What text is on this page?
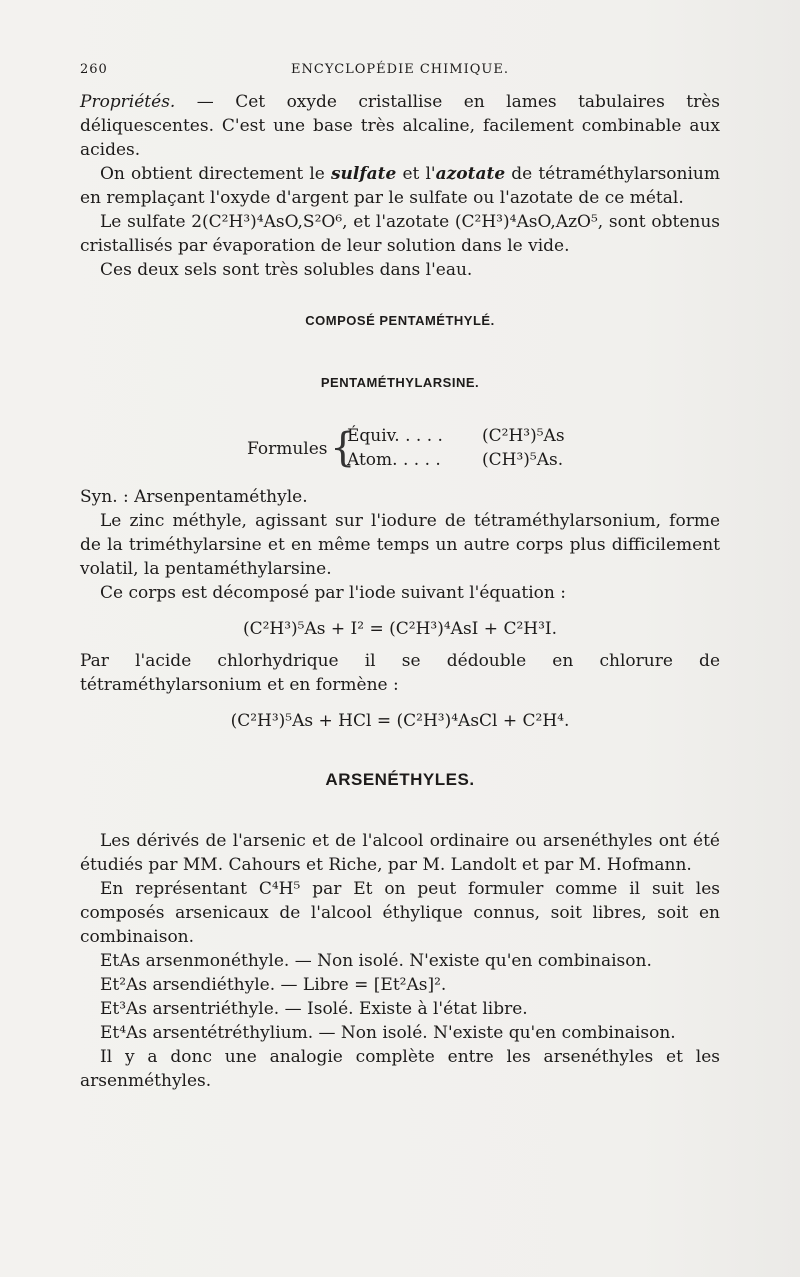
260	ENCYCLOPÉDIE CHIMIQUE.

Propriétés. — Cet oxyde cristallise en lames tabulaires très déliquescentes. C'est une base très alcaline, facilement combinable aux acides.

On obtient directement le sulfate et l'azotate de tétraméthylarsonium en remplaçant l'oxyde d'argent par le sulfate ou l'azotate de ce métal.

Le sulfate 2(C²H³)⁴AsO,S²O⁶, et l'azotate (C²H³)⁴AsO,AzO⁵, sont obtenus cristallisés par évaporation de leur solution dans le vide.

Ces deux sels sont très solubles dans l'eau.

COMPOSÉ PENTAMÉTHYLÉ.

PENTAMÉTHYLARSINE.

Formules {
Équiv. . . . . (C²H³)⁵As
Atom. . . . . (CH³)⁵As.

Syn. : Arsenpentaméthyle.

Le zinc méthyle, agissant sur l'iodure de tétraméthylarsonium, forme de la triméthylarsine et en même temps un autre corps plus difficilement volatil, la pentaméthylarsine.

Ce corps est décomposé par l'iode suivant l'équation :

(C²H³)⁵As + I² = (C²H³)⁴AsI + C²H³I.

Par l'acide chlorhydrique il se dédouble en chlorure de tétraméthylarsonium et en formène :

(C²H³)⁵As + HCl = (C²H³)⁴AsCl + C²H⁴.

ARSENÉTHYLES.

Les dérivés de l'arsenic et de l'alcool ordinaire ou arsenéthyles ont été étudiés par MM. Cahours et Riche, par M. Landolt et par M. Hofmann.

En représentant C⁴H⁵ par Et on peut formuler comme il suit les composés arsenicaux de l'alcool éthylique connus, soit libres, soit en combinaison.

EtAs arsenmonéthyle. — Non isolé. N'existe qu'en combinaison.

Et²As arsendiéthyle. — Libre = [Et²As]².

Et³As arsentriéthyle. — Isolé. Existe à l'état libre.

Et⁴As arsentétréthylium. — Non isolé. N'existe qu'en combinaison.

Il y a donc une analogie complète entre les arsenéthyles et les arsenméthyles.
